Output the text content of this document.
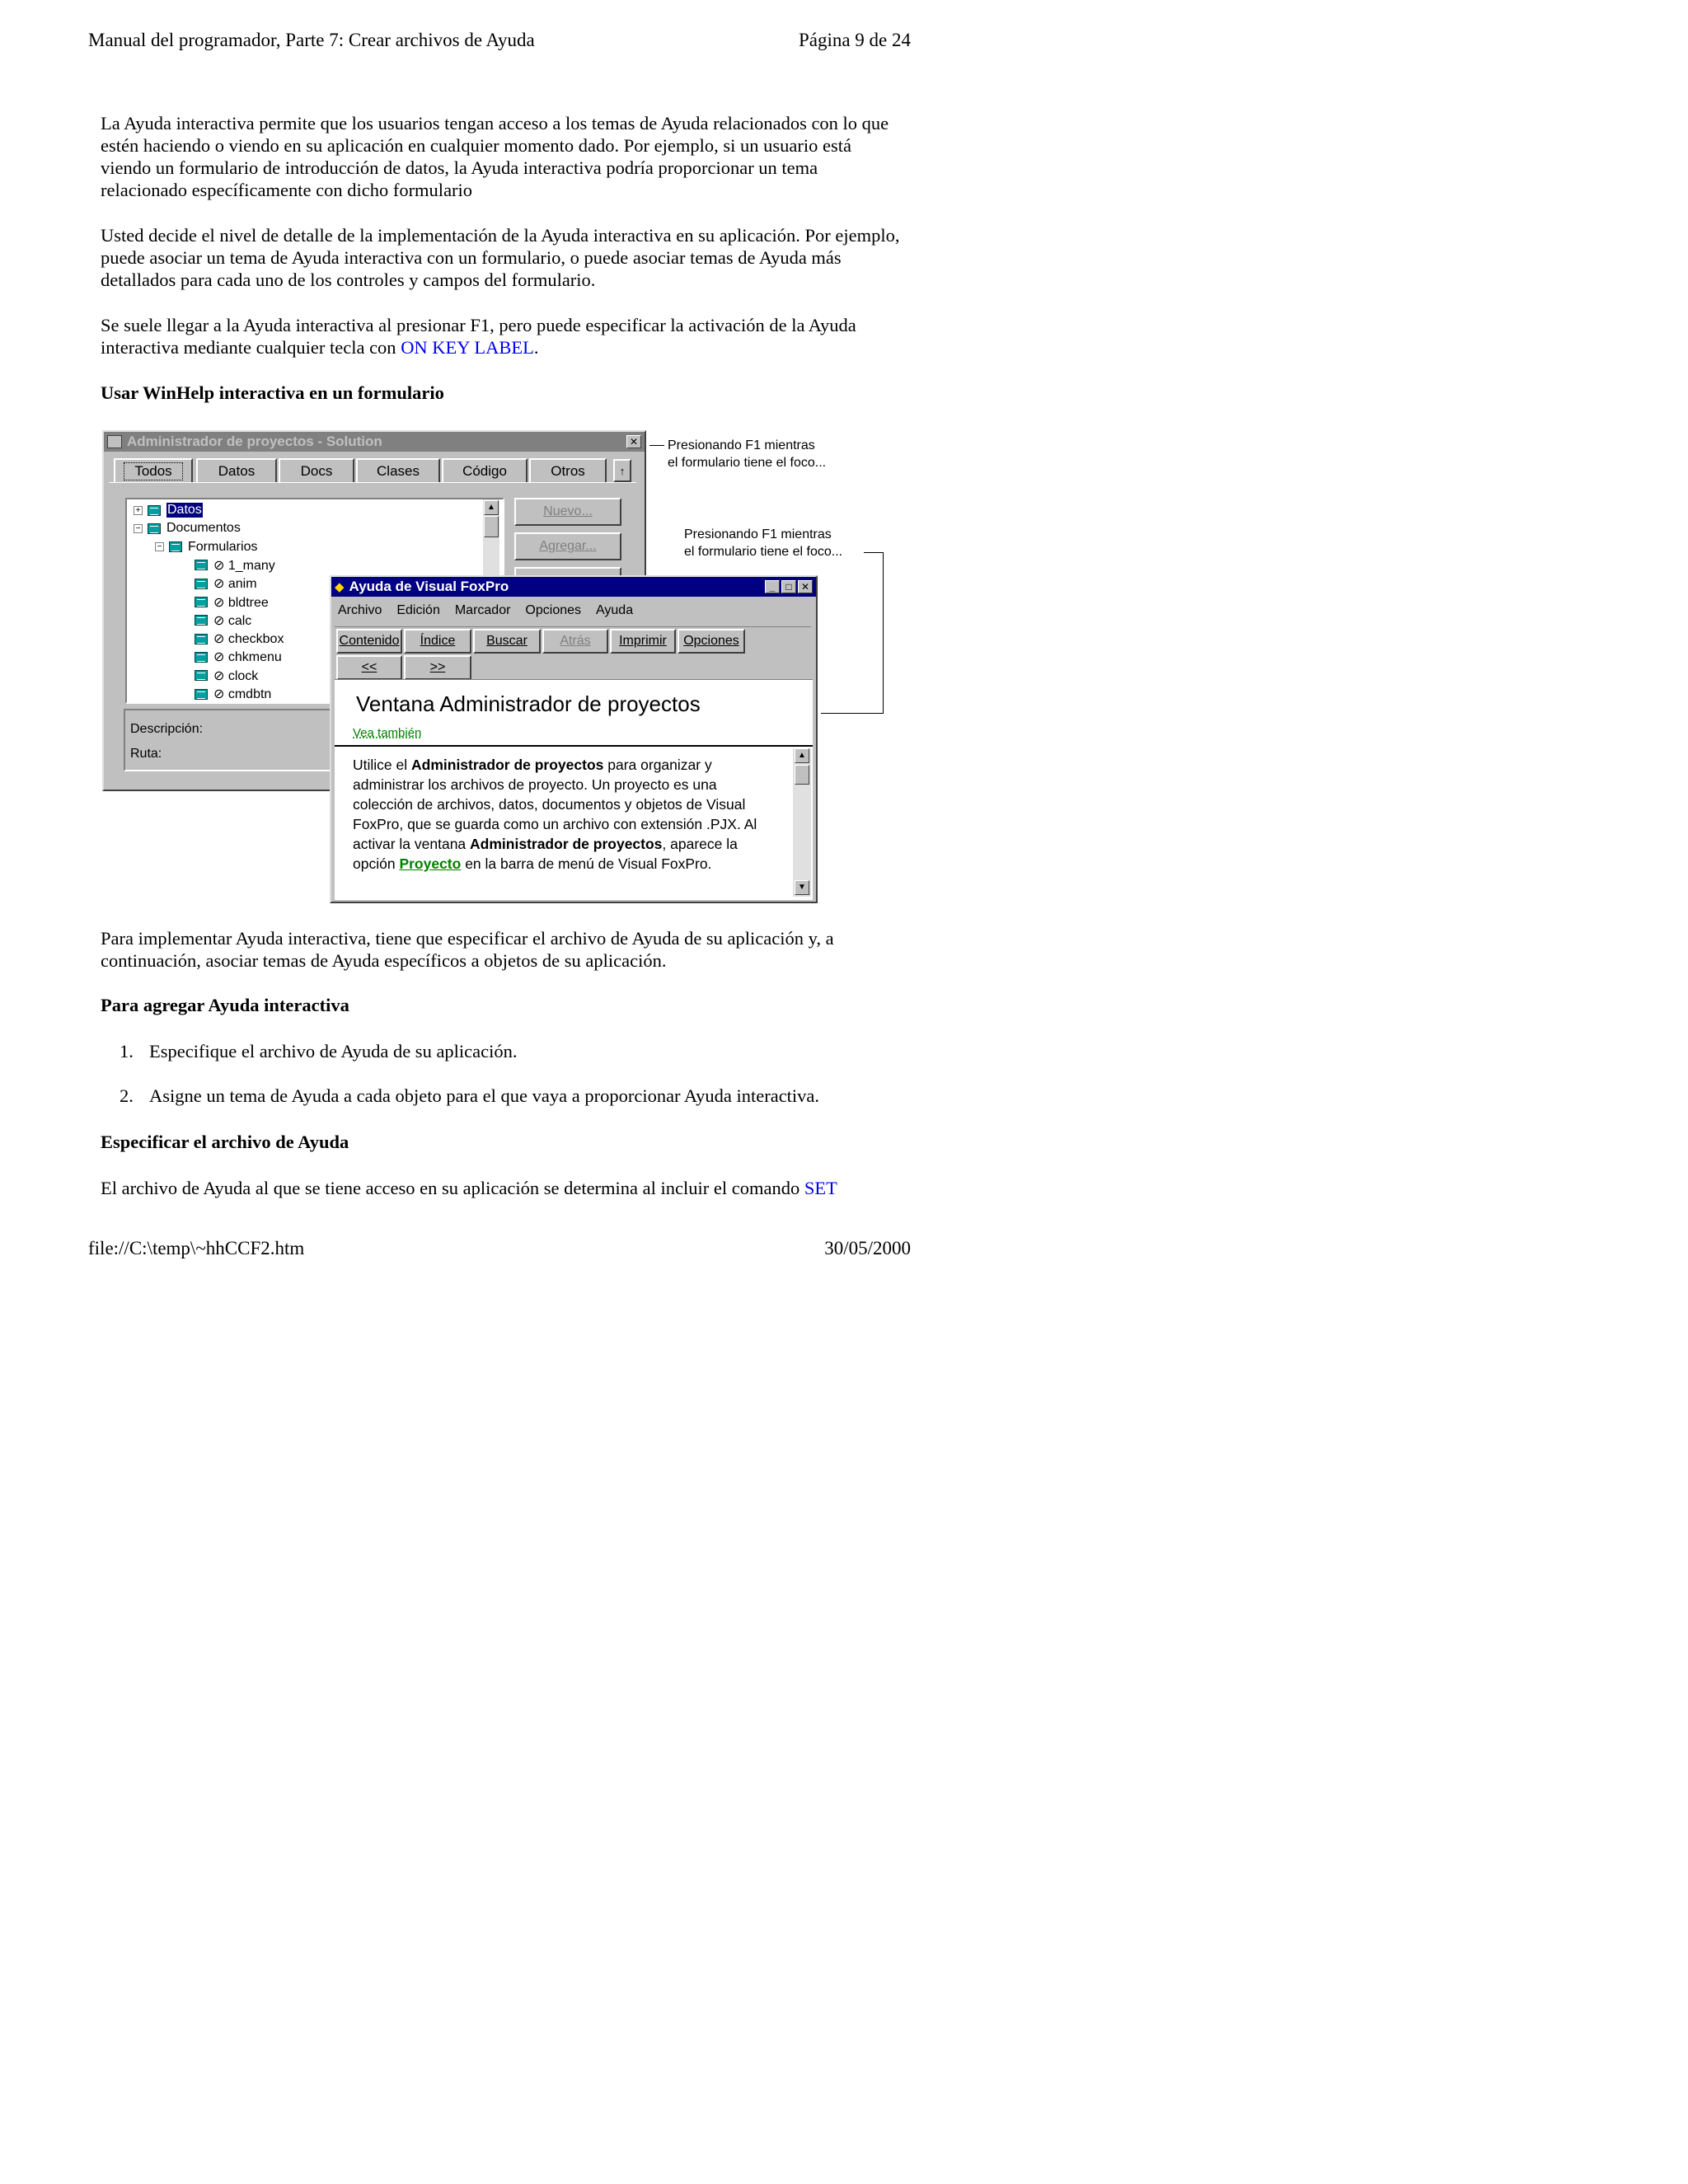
Manual del programador, Parte 7: Crear archivos de Ayuda	Página 9 de 24

La Ayuda interactiva permite que los usuarios tengan acceso a los temas de Ayuda relacionados con lo que estén haciendo o viendo en su aplicación en cualquier momento dado. Por ejemplo, si un usuario está viendo un formulario de introducción de datos, la Ayuda interactiva podría proporcionar un tema relacionado específicamente con dicho formulario

Usted decide el nivel de detalle de la implementación de la Ayuda interactiva en su aplicación. Por ejemplo, puede asociar un tema de Ayuda interactiva con un formulario, o puede asociar temas de Ayuda más detallados para cada uno de los controles y campos del formulario.

Se suele llegar a la Ayuda interactiva al presionar F1, pero puede especificar la activación de la Ayuda interactiva mediante cualquier tecla con ON KEY LABEL.

Usar WinHelp interactiva en un formulario
Administrador de proyectos - Solution	✕
Todos	Datos	Docs	Clases	Código	Otros	↑
+ Datos
− Documentos
− Formularios
⊘ 1_many
⊘ anim
⊘ bldtree
⊘ calc
⊘ checkbox
⊘ chkmenu
⊘ clock
⊘ cmdbtn
▲	Nuevo...
Agregar...
Descripción:
Ruta:
Presionando F1 mientras
el formulario tiene el foco...
Presionando F1 mientras
el formulario tiene el foco...
◆ Ayuda de Visual FoxPro	_	□ ✕
Archivo Edición Marcador Opciones Ayuda
Contenido Índice Buscar Atrás Imprimir Opciones
<<	>>
Ventana Administrador de proyectos
Vea también
Utilice el Administrador de proyectos para organizar y administrar los archivos de proyecto. Un proyecto es una colección de archivos, datos, documentos y objetos de Visual FoxPro, que se guarda como un archivo con extensión .PJX. Al activar la ventana Administrador de proyectos, aparece la opción Proyecto en la barra de menú de Visual FoxPro.
▲
▼

Para implementar Ayuda interactiva, tiene que especificar el archivo de Ayuda de su aplicación y, a continuación, asociar temas de Ayuda específicos a objetos de su aplicación.

Para agregar Ayuda interactiva
1. Especifique el archivo de Ayuda de su aplicación.
2. Asigne un tema de Ayuda a cada objeto para el que vaya a proporcionar Ayuda interactiva.
Especificar el archivo de Ayuda

El archivo de Ayuda al que se tiene acceso en su aplicación se determina al incluir el comando SET

file://C:\temp\~hhCCF2.htm	30/05/2000
